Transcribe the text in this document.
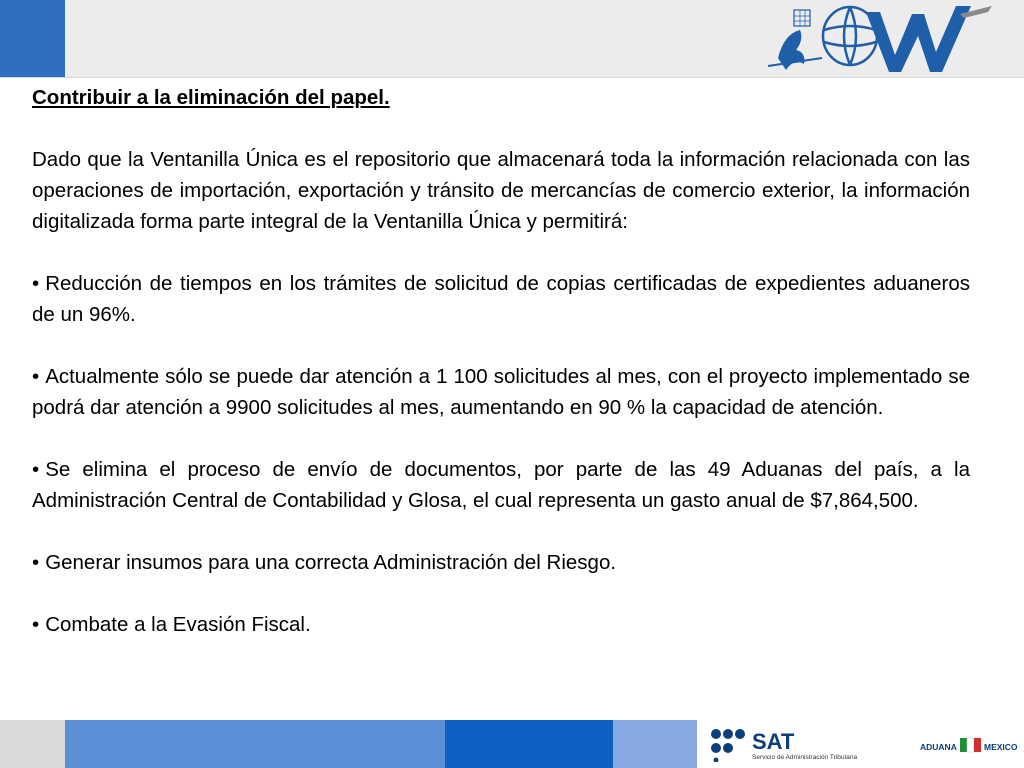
Contribuir a la eliminación del papel.

Dado que la Ventanilla Única es el repositorio que almacenará toda la información relacionada con las operaciones de importación, exportación y tránsito de mercancías de comercio exterior, la información digitalizada forma parte integral de la Ventanilla Única y permitirá:

• Reducción de tiempos en los trámites de solicitud de copias certificadas de expedientes aduaneros de un 96%.

• Actualmente sólo se puede dar atención a 1 100 solicitudes al mes, con el proyecto implementado se podrá dar atención a 9900 solicitudes al mes, aumentando en 90 % la capacidad de atención.

• Se elimina el proceso de envío de documentos, por parte de las 49 Aduanas del país, a la Administración Central de Contabilidad y Glosa, el cual representa un gasto anual de $7,864,500.

• Generar insumos para una correcta Administración del Riesgo.

• Combate a la Evasión Fiscal.

SAT
Servicio de Administración Tributaria
ADUANA	MEXICO
